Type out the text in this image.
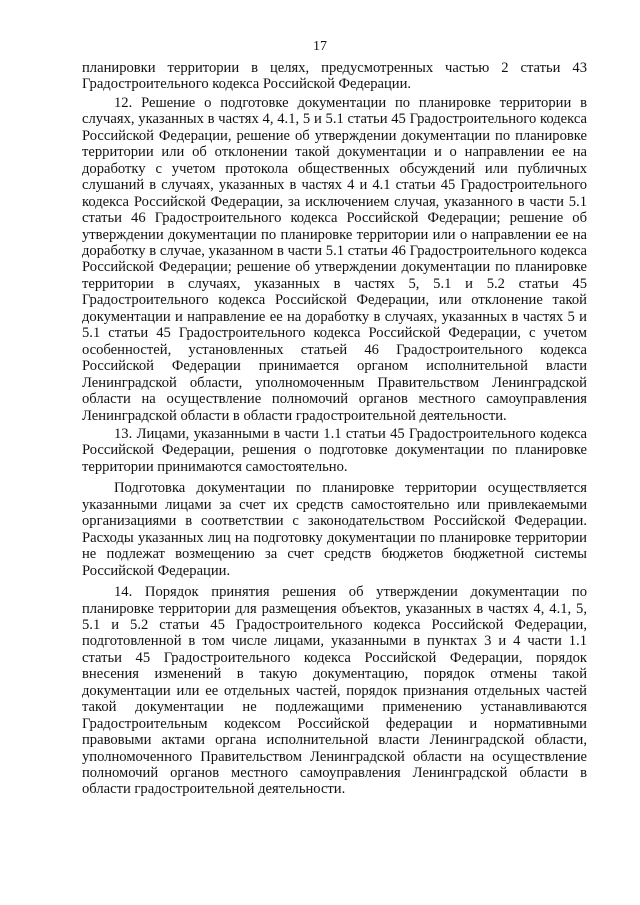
17

планировки территории в целях, предусмотренных частью 2 статьи 43 Градостроительного кодекса Российской Федерации.

12. Решение о подготовке документации по планировке территории в случаях, указанных в частях 4, 4.1, 5 и 5.1 статьи 45 Градостроительного кодекса Российской Федерации, решение об утверждении документации по планировке территории или об отклонении такой документации и о направлении ее на доработку с учетом протокола общественных обсуждений или публичных слушаний в случаях, указанных в частях 4 и 4.1 статьи 45 Градостроительного кодекса Российской Федерации, за исключением случая, указанного в части 5.1 статьи 46 Градостроительного кодекса Российской Федерации; решение об утверждении документации по планировке территории или о направлении ее на доработку в случае, указанном в части 5.1 статьи 46 Градостроительного кодекса Российской Федерации; решение об утверждении документации по планировке территории в случаях, указанных в частях 5, 5.1 и 5.2 статьи 45 Градостроительного кодекса Российской Федерации, или отклонение такой документации и направление ее на доработку в случаях, указанных в частях 5 и 5.1 статьи 45 Градостроительного кодекса Российской Федерации, с учетом особенностей, установленных статьей 46 Градостроительного кодекса Российской Федерации принимается органом исполнительной власти Ленинградской области, уполномоченным Правительством Ленинградской области на осуществление полномочий органов местного самоуправления Ленинградской области в области градостроительной деятельности.

13. Лицами, указанными в части 1.1 статьи 45 Градостроительного кодекса Российской Федерации, решения о подготовке документации по планировке территории принимаются самостоятельно.

Подготовка документации по планировке территории осуществляется указанными лицами за счет их средств самостоятельно или привлекаемыми организациями в соответствии с законодательством Российской Федерации. Расходы указанных лиц на подготовку документации по планировке территории не подлежат возмещению за счет средств бюджетов бюджетной системы Российской Федерации.

14. Порядок принятия решения об утверждении документации по планировке территории для размещения объектов, указанных в частях 4, 4.1, 5, 5.1 и 5.2 статьи 45 Градостроительного кодекса Российской Федерации, подготовленной в том числе лицами, указанными в пунктах 3 и 4 части 1.1 статьи 45 Градостроительного кодекса Российской Федерации, порядок внесения изменений в такую документацию, порядок отмены такой документации или ее отдельных частей, порядок признания отдельных частей такой документации не подлежащими применению устанавливаются Градостроительным кодексом Российской федерации и нормативными правовыми актами органа исполнительной власти Ленинградской области, уполномоченного Правительством Ленинградской области на осуществление полномочий органов местного самоуправления Ленинградской области в области градостроительной деятельности.
